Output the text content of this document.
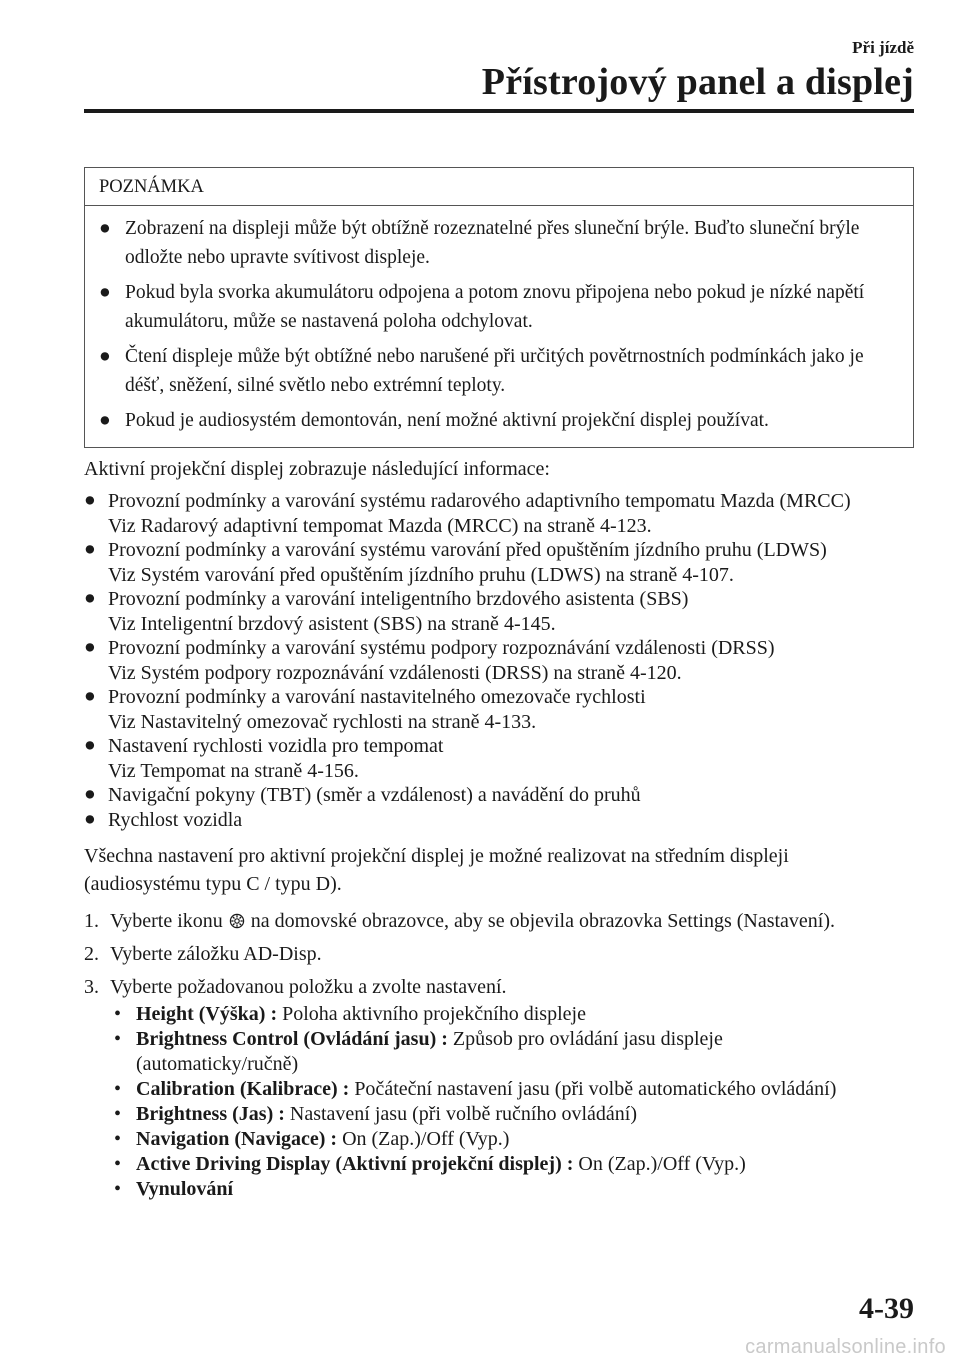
Při jízdě
Přístrojový panel a displej
POZNÁMKA
● Zobrazení na displeji může být obtížně rozeznatelné přes sluneční brýle. Buďto sluneční brýle odložte nebo upravte svítivost displeje.
● Pokud byla svorka akumulátoru odpojena a potom znovu připojena nebo pokud je nízké napětí akumulátoru, může se nastavená poloha odchylovat.
● Čtení displeje může být obtížné nebo narušené při určitých povětrnostních podmínkách jako je déšť, sněžení, silné světlo nebo extrémní teploty.
● Pokud je audiosystém demontován, není možné aktivní projekční displej používat.
Aktivní projekční displej zobrazuje následující informace:
● Provozní podmínky a varování systému radarového adaptivního tempomatu Mazda (MRCC)
Viz Radarový adaptivní tempomat Mazda (MRCC) na straně 4-123.
● Provozní podmínky a varování systému varování před opuštěním jízdního pruhu (LDWS)
Viz Systém varování před opuštěním jízdního pruhu (LDWS) na straně 4-107.
● Provozní podmínky a varování inteligentního brzdového asistenta (SBS)
Viz Inteligentní brzdový asistent (SBS) na straně 4-145.
● Provozní podmínky a varování systému podpory rozpoznávání vzdálenosti (DRSS)
Viz Systém podpory rozpoznávání vzdálenosti (DRSS) na straně 4-120.
● Provozní podmínky a varování nastavitelného omezovače rychlosti
Viz Nastavitelný omezovač rychlosti na straně 4-133.
● Nastavení rychlosti vozidla pro tempomat
Viz Tempomat na straně 4-156.
● Navigační pokyny (TBT) (směr a vzdálenost) a navádění do pruhů
● Rychlost vozidla
Všechna nastavení pro aktivní projekční displej je možné realizovat na středním displeji
(audiosystému typu C / typu D).
1. Vyberte ikonu na domovské obrazovce, aby se objevila obrazovka Settings (Nastavení).
2. Vyberte záložku AD-Disp.
3. Vyberte požadovanou položku a zvolte nastavení.
• Height (Výška) : Poloha aktivního projekčního displeje
• Brightness Control (Ovládání jasu) : Způsob pro ovládání jasu displeje
(automaticky/ručně)
• Calibration (Kalibrace) : Počáteční nastavení jasu (při volbě automatického ovládání)
• Brightness (Jas) : Nastavení jasu (při volbě ručního ovládání)
• Navigation (Navigace) : On (Zap.)/Off (Vyp.)
• Active Driving Display (Aktivní projekční displej) : On (Zap.)/Off (Vyp.)
• Vynulování
4-39
carmanualsonline.info
